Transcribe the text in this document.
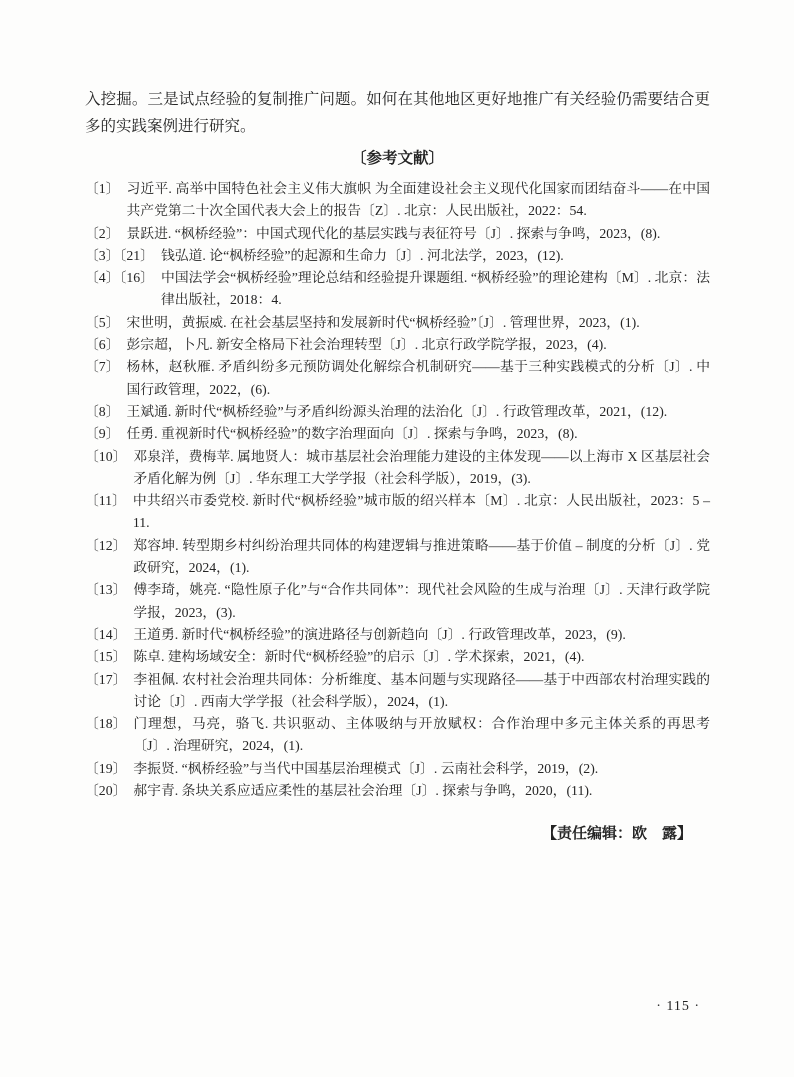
入挖掘。三是试点经验的复制推广问题。如何在其他地区更好地推广有关经验仍需要结合更多的实践案例进行研究。

〔参考文献〕
〔1〕 习近平. 高举中国特色社会主义伟大旗帜 为全面建设社会主义现代化国家而团结奋斗——在中国共产党第二十次全国代表大会上的报告〔Z〕. 北京：人民出版社，2022：54.
〔2〕 景跃进. “枫桥经验”：中国式现代化的基层实践与表征符号〔J〕. 探索与争鸣，2023，(8).
〔3〕〔21〕 钱弘道. 论“枫桥经验”的起源和生命力〔J〕. 河北法学，2023，(12).
〔4〕〔16〕 中国法学会“枫桥经验”理论总结和经验提升课题组. “枫桥经验”的理论建构〔M〕. 北京：法律出版社，2018：4.
〔5〕 宋世明，黄振威. 在社会基层坚持和发展新时代“枫桥经验”〔J〕. 管理世界，2023，(1).
〔6〕 彭宗超，卜凡. 新安全格局下社会治理转型〔J〕. 北京行政学院学报，2023，(4).
〔7〕 杨林，赵秋雁. 矛盾纠纷多元预防调处化解综合机制研究——基于三种实践模式的分析〔J〕. 中国行政管理，2022，(6).
〔8〕 王斌通. 新时代“枫桥经验”与矛盾纠纷源头治理的法治化〔J〕. 行政管理改革，2021，(12).
〔9〕 任勇. 重视新时代“枫桥经验”的数字治理面向〔J〕. 探索与争鸣，2023，(8).
〔10〕 邓泉洋，费梅苹. 属地贤人：城市基层社会治理能力建设的主体发现——以上海市 X 区基层社会矛盾化解为例〔J〕. 华东理工大学学报（社会科学版），2019，(3).
〔11〕 中共绍兴市委党校. 新时代“枫桥经验”城市版的绍兴样本〔M〕. 北京：人民出版社，2023：5 – 11.
〔12〕 郑容坤. 转型期乡村纠纷治理共同体的构建逻辑与推进策略——基于价值 – 制度的分析〔J〕. 党政研究，2024，(1).
〔13〕 傅李琦，姚亮. “隐性原子化”与“合作共同体”：现代社会风险的生成与治理〔J〕. 天津行政学院学报，2023，(3).
〔14〕 王道勇. 新时代“枫桥经验”的演进路径与创新趋向〔J〕. 行政管理改革，2023，(9).
〔15〕 陈卓. 建构场域安全：新时代“枫桥经验”的启示〔J〕. 学术探索，2021，(4).
〔17〕 李祖佩. 农村社会治理共同体：分析维度、基本问题与实现路径——基于中西部农村治理实践的讨论〔J〕. 西南大学学报（社会科学版），2024，(1).
〔18〕 门理想，马亮，骆飞. 共识驱动、主体吸纳与开放赋权：合作治理中多元主体关系的再思考〔J〕. 治理研究，2024，(1).
〔19〕 李振贤. “枫桥经验”与当代中国基层治理模式〔J〕. 云南社会科学，2019，(2).
〔20〕 郝宇青. 条块关系应适应柔性的基层社会治理〔J〕. 探索与争鸣，2020，(11).
【责任编辑：欧　露】
· 115 ·
